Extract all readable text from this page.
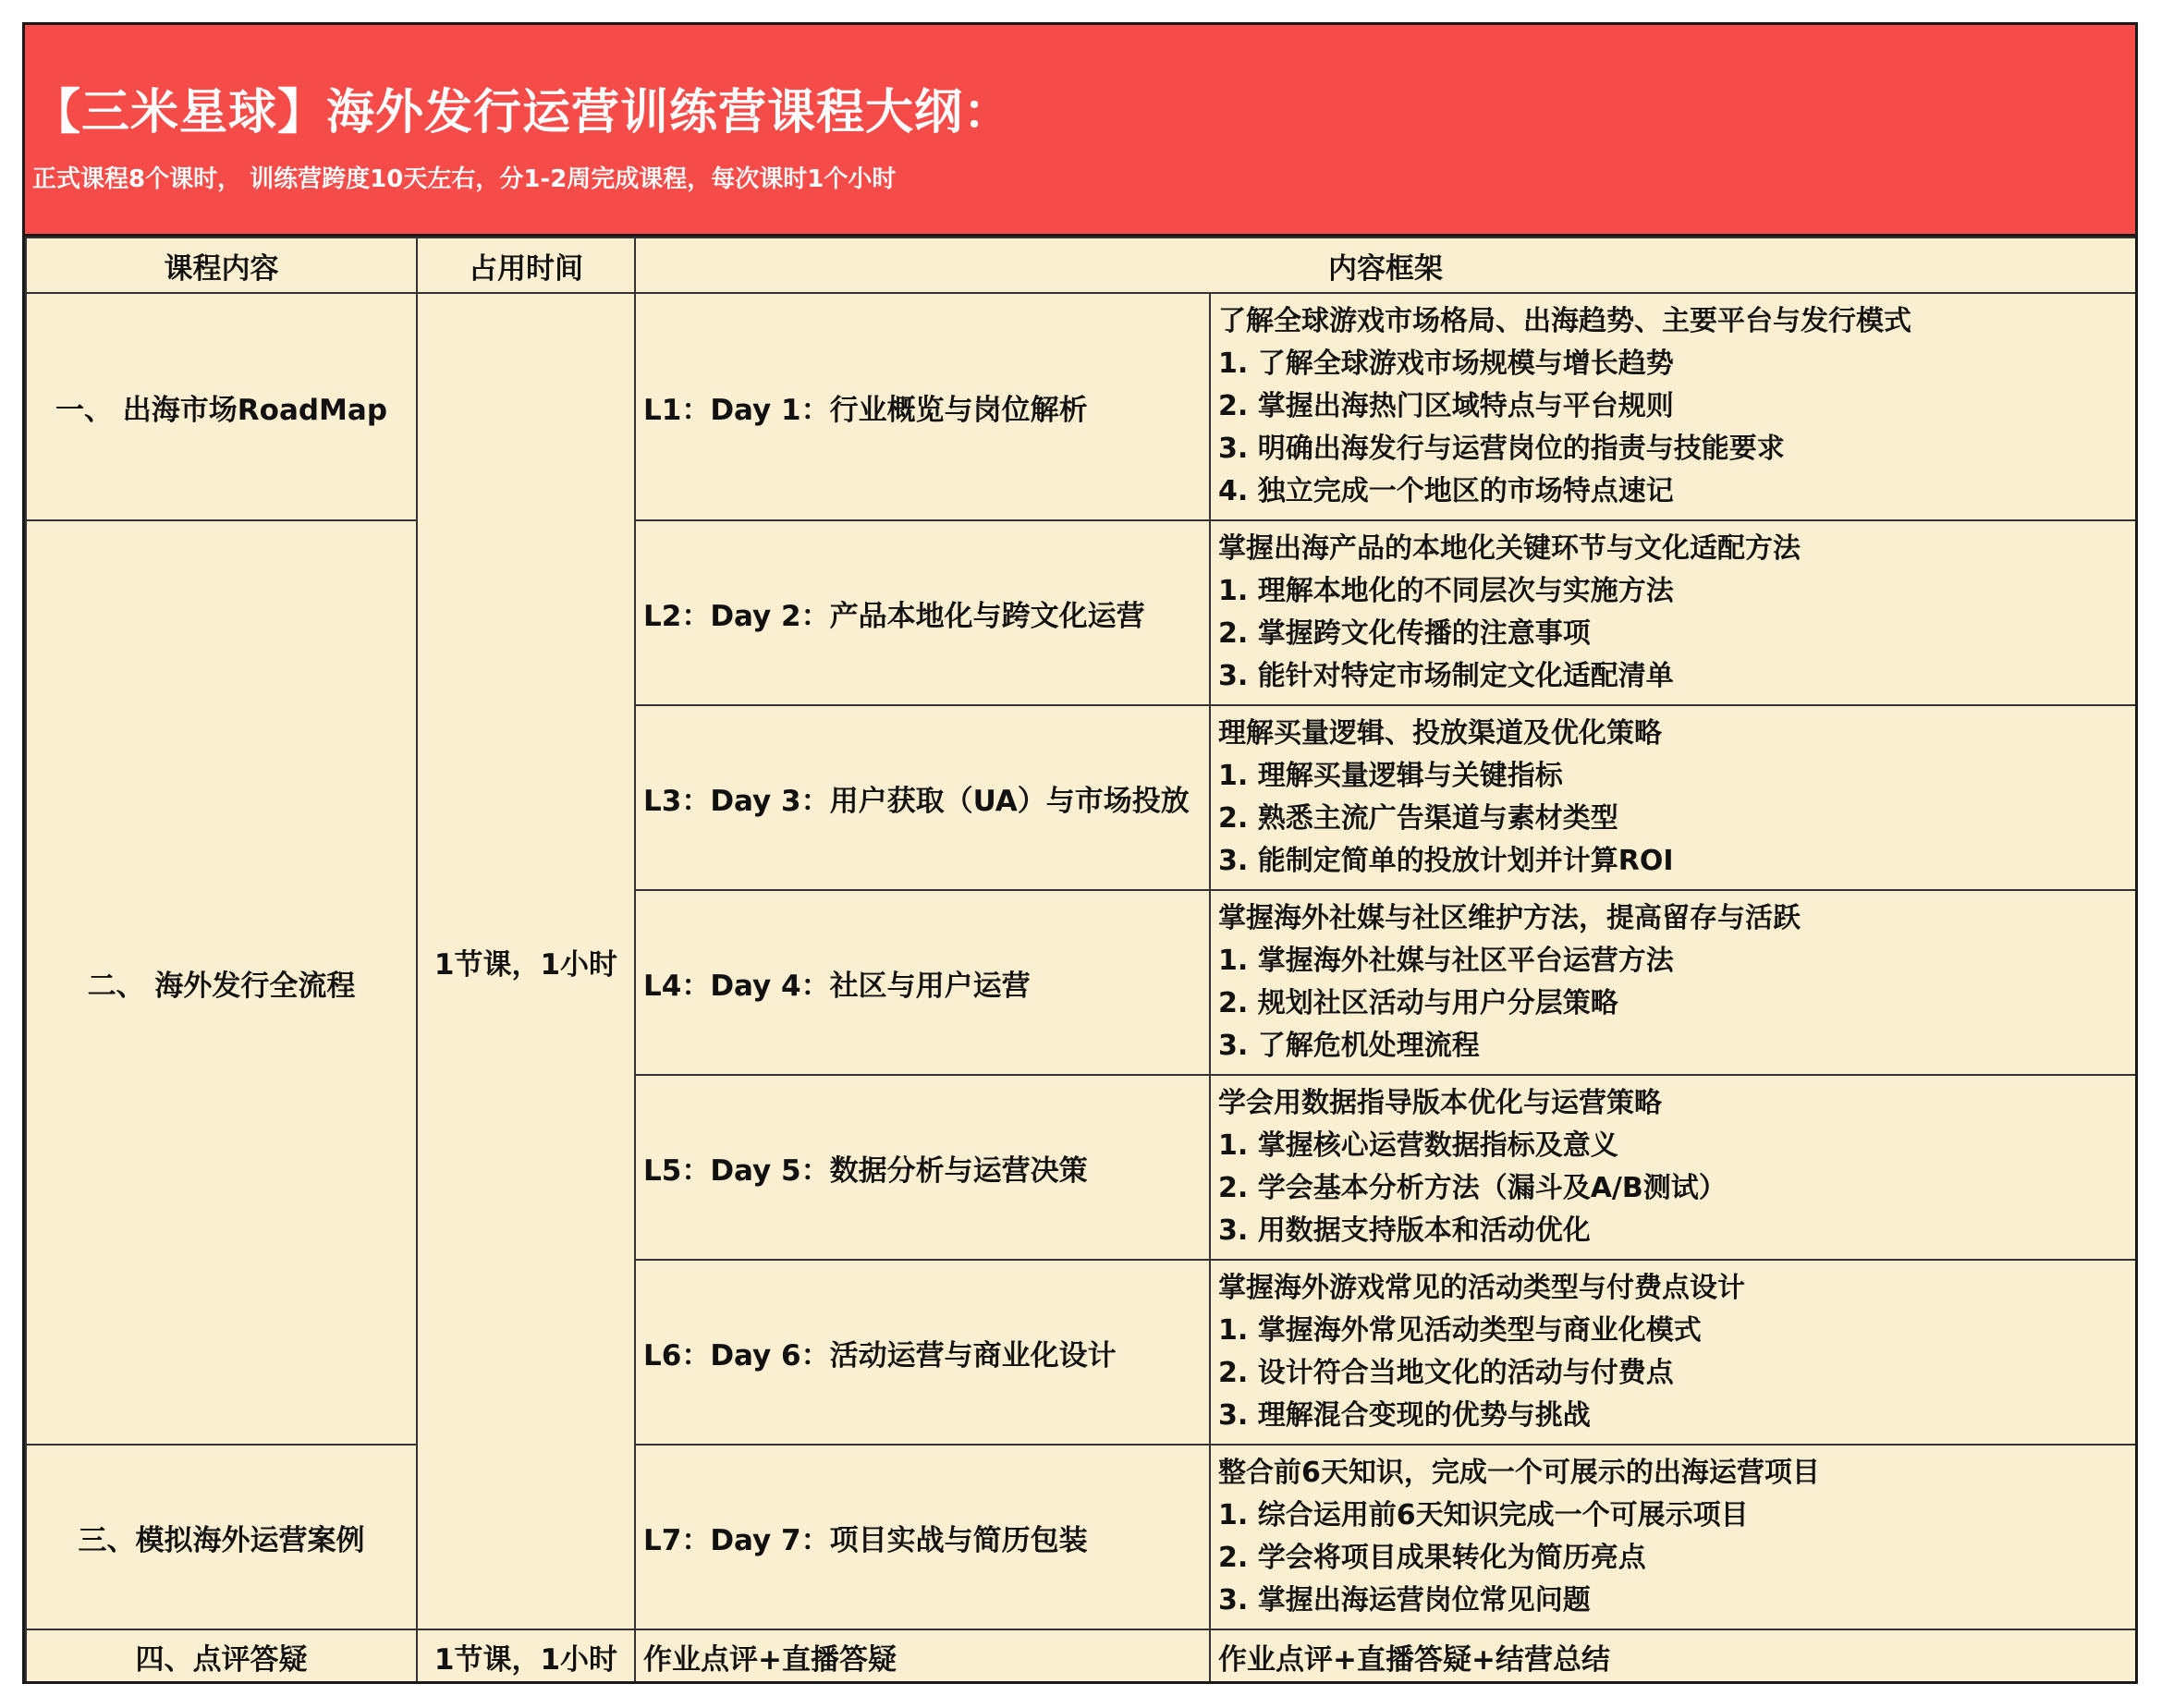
【三米星球】海外发行运营训练营课程大纲：
正式课程8个课时， 训练营跨度10天左右，分1-2周完成课程，每次课时1个小时
课程内容	占用时间	内容框架	
一、 出海市场RoadMap	1节课，1小时	L1：Day 1：行业概览与岗位解析	了解全球游戏市场格局、出海趋势、主要平台与发行模式
1. 了解全球游戏市场规模与增长趋势
2. 掌握出海热门区域特点与平台规则
3. 明确出海发行与运营岗位的指责与技能要求
4. 独立完成一个地区的市场特点速记

二、 海外发行全流程		L2：Day 2：产品本地化与跨文化运营	掌握出海产品的本地化关键环节与文化适配方法
1. 理解本地化的不同层次与实施方法
2. 掌握跨文化传播的注意事项
3. 能针对特定市场制定文化适配清单

		L3：Day 3：用户获取（UA）与市场投放	理解买量逻辑、投放渠道及优化策略
1. 理解买量逻辑与关键指标
2. 熟悉主流广告渠道与素材类型
3. 能制定简单的投放计划并计算ROI

		L4：Day 4：社区与用户运营	掌握海外社媒与社区维护方法，提高留存与活跃
1. 掌握海外社媒与社区平台运营方法
2. 规划社区活动与用户分层策略
3. 了解危机处理流程

		L5：Day 5：数据分析与运营决策	学会用数据指导版本优化与运营策略
1. 掌握核心运营数据指标及意义
2. 学会基本分析方法（漏斗及A/B测试）
3. 用数据支持版本和活动优化

		L6：Day 6：活动运营与商业化设计	掌握海外游戏常见的活动类型与付费点设计
1. 掌握海外常见活动类型与商业化模式
2. 设计符合当地文化的活动与付费点
3. 理解混合变现的优势与挑战

三、模拟海外运营案例		L7：Day 7：项目实战与简历包装	整合前6天知识，完成一个可展示的出海运营项目
1. 综合运用前6天知识完成一个可展示项目
2. 学会将项目成果转化为简历亮点
3. 掌握出海运营岗位常见问题

四、点评答疑	1节课，1小时	作业点评+直播答疑	作业点评+直播答疑+结营总结
